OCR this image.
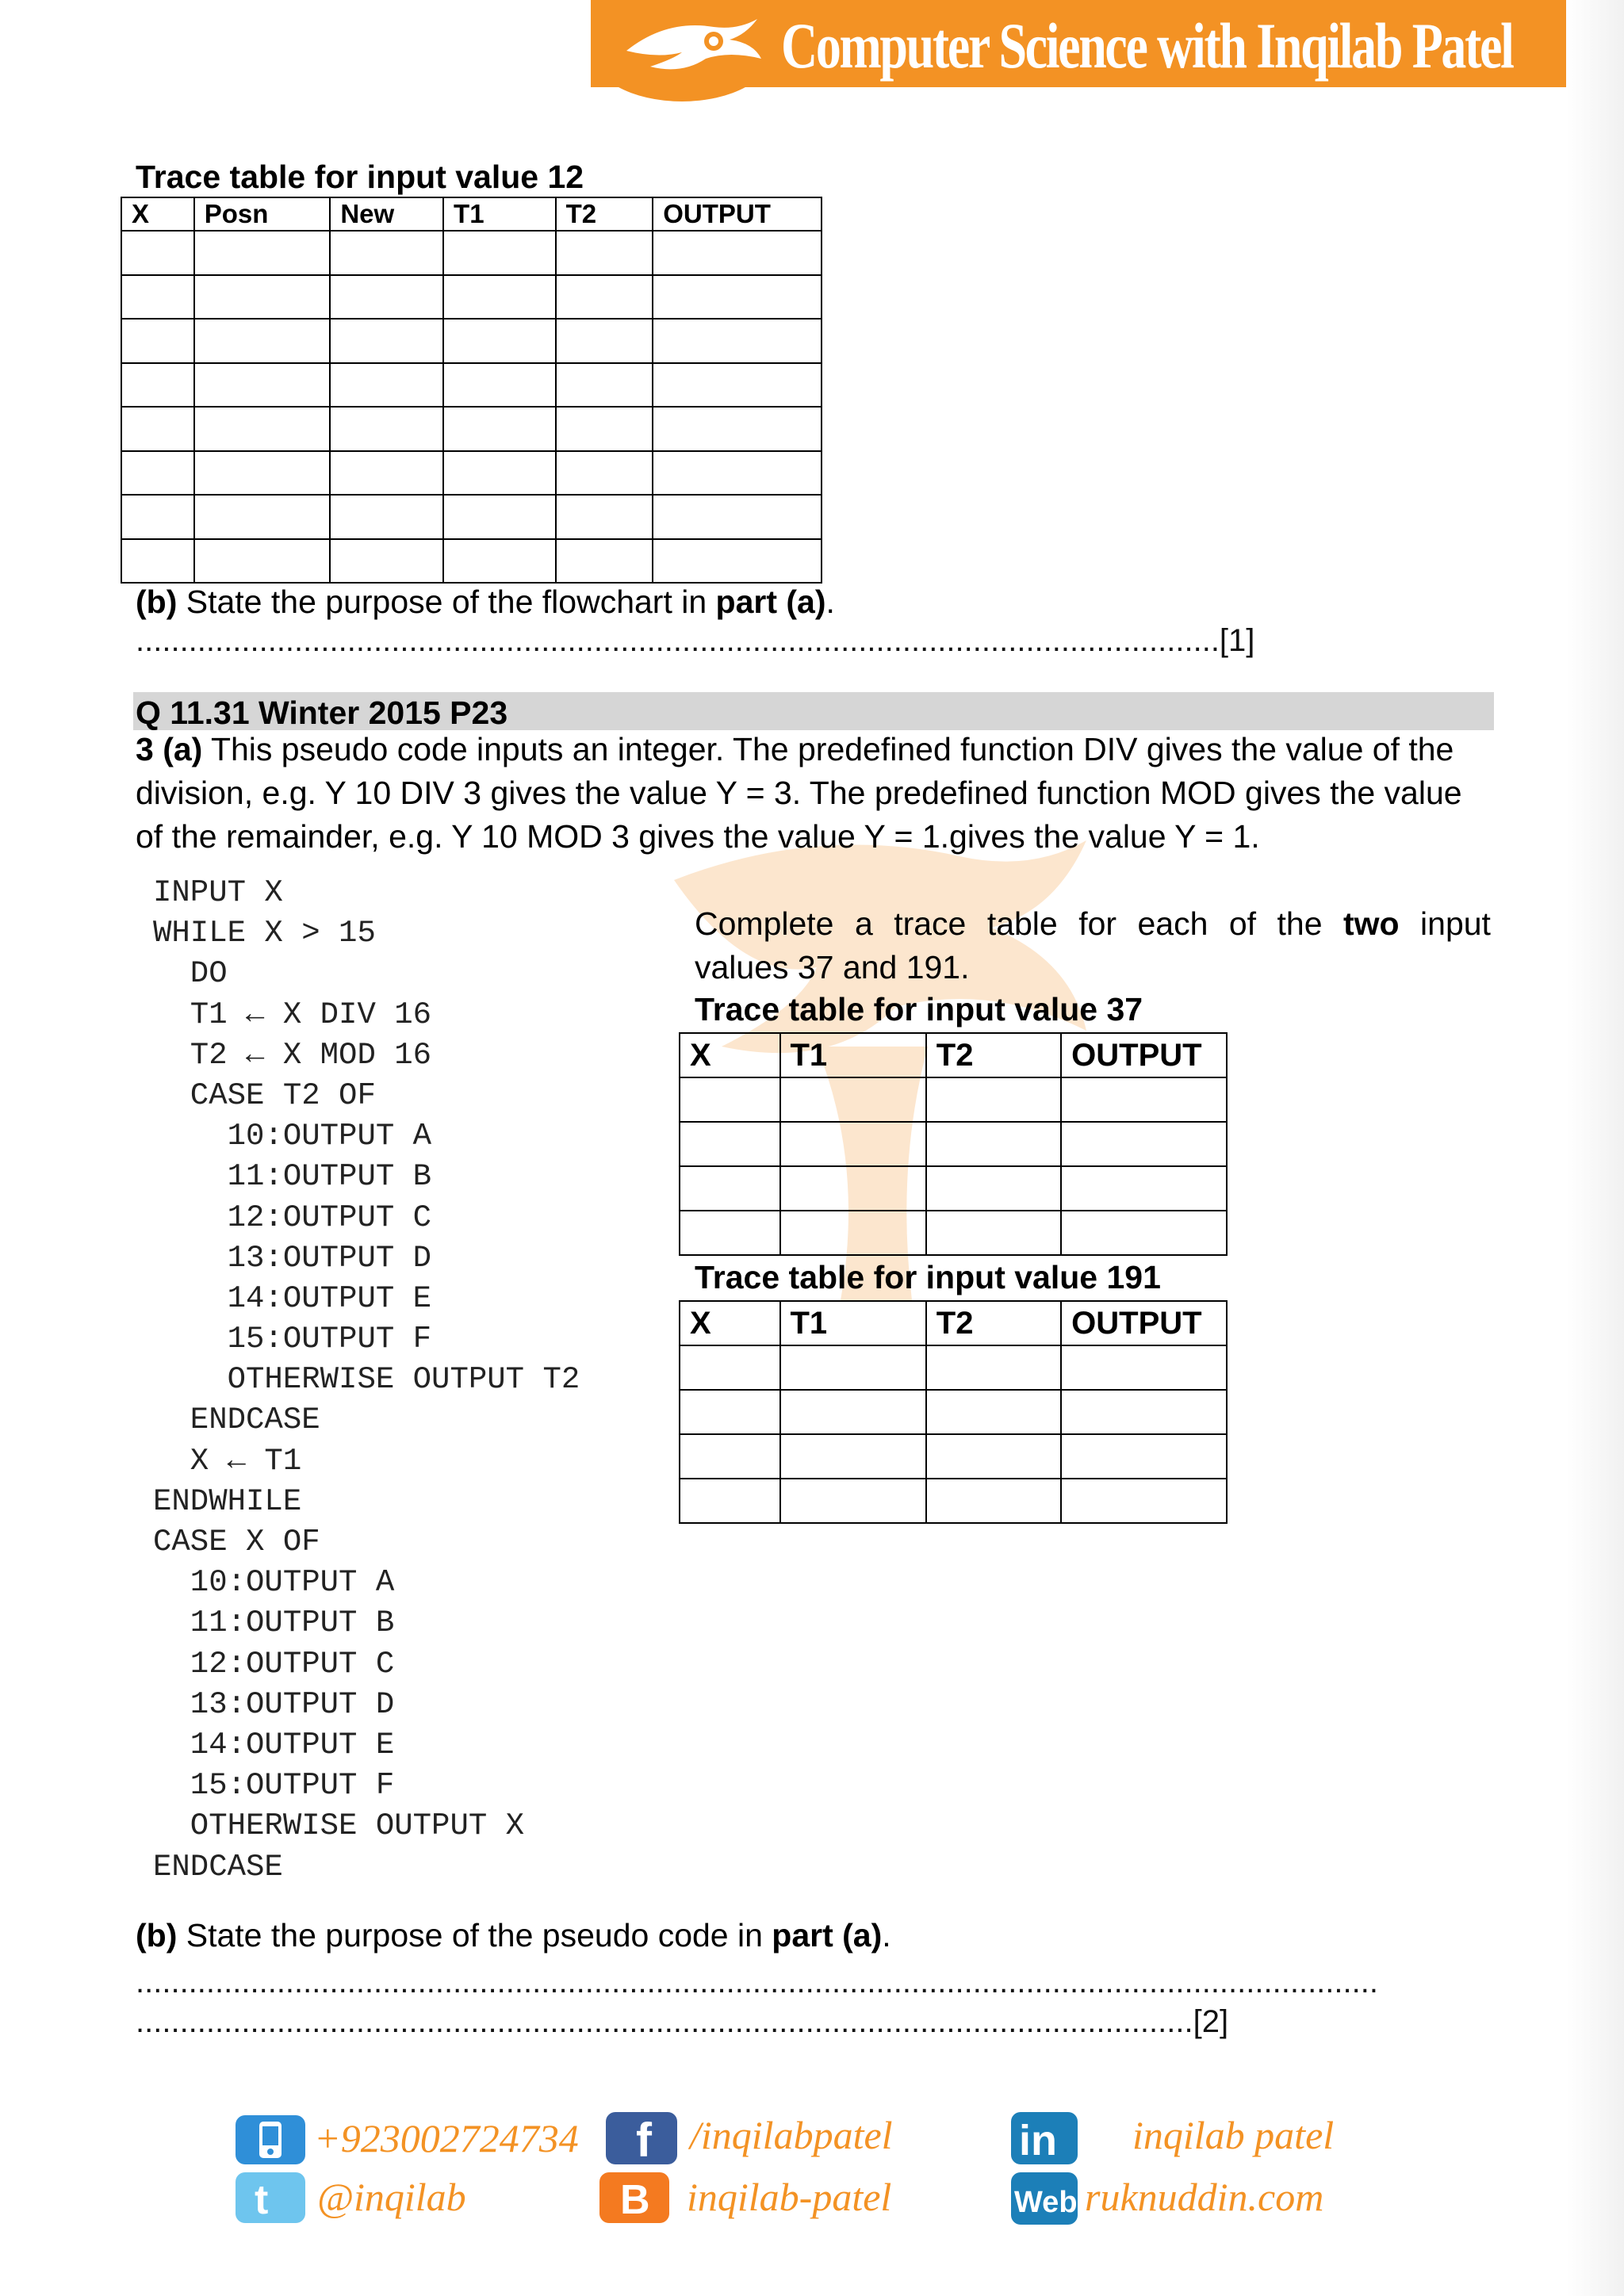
Computer Science with Inqilab Patel
Trace table for input value 12
X	Posn	New	T1	T2	OUTPUT

(b) State the purpose of the flowchart in part (a).
...........................................................................................................................[1]
Q 11.31 Winter 2015 P23
3 (a) This pseudo code inputs an integer. The predefined function DIV gives the value of the
division, e.g. Y 10 DIV 3 gives the value Y = 3. The predefined function MOD gives the value
of the remainder, e.g. Y 10 MOD 3 gives the value Y = 1.gives the value Y = 1.
INPUT X
WHILE X > 15
DO
T1 ← X DIV 16
T2 ← X MOD 16
CASE T2 OF
10:OUTPUT A
11:OUTPUT B
12:OUTPUT C
13:OUTPUT D
14:OUTPUT E
15:OUTPUT F
OTHERWISE OUTPUT T2
ENDCASE
X ← T1
ENDWHILE
CASE X OF
10:OUTPUT A
11:OUTPUT B
12:OUTPUT C
13:OUTPUT D
14:OUTPUT E
15:OUTPUT F
OTHERWISE OUTPUT X
ENDCASE
Complete a trace table for each of the two input
values 37 and 191.
Trace table for input value 37
X	T1	T2	OUTPUT

Trace table for input value 191
X	T1	T2	OUTPUT

(b) State the purpose of the pseudo code in part (a).
.............................................................................................................................................
........................................................................................................................[2]
+923002724734 f /inqilabpatel	in inqilab patel
t @inqilab	B inqilab-patel	Web ruknuddin.com
